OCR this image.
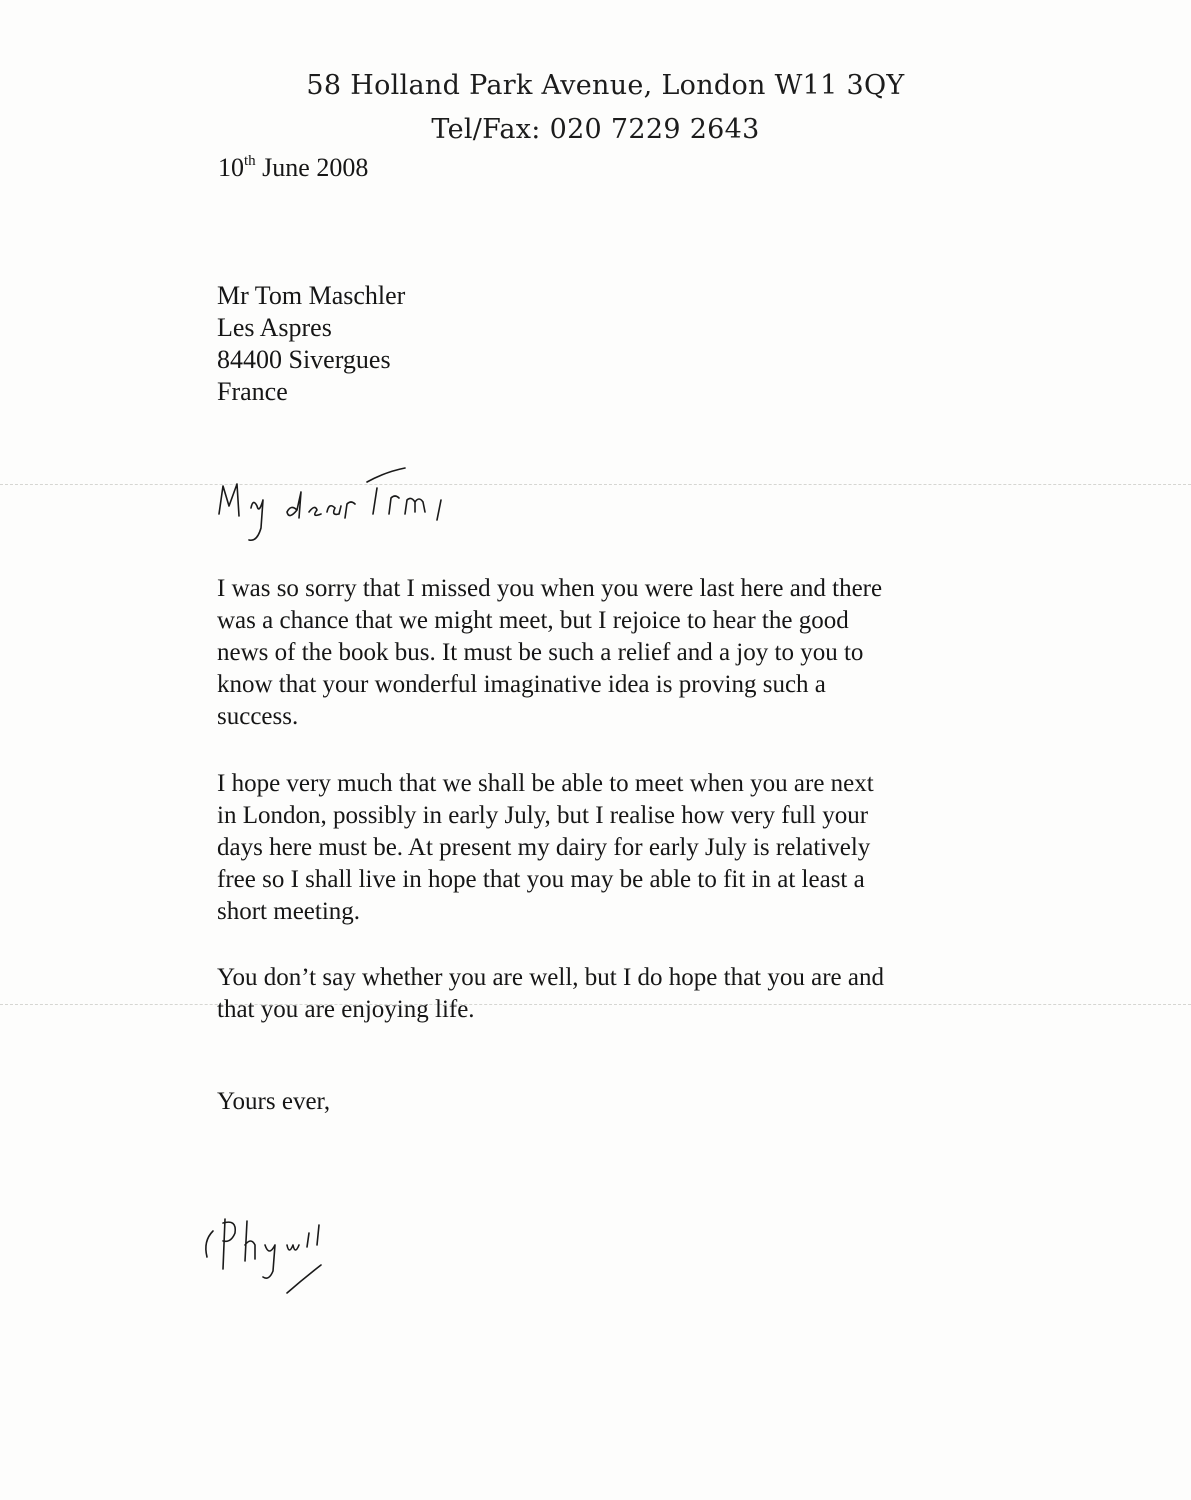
58 Holland Park Avenue, London W11 3QY
Tel/Fax: 020 7229 2643
10th June 2008
Mr Tom Maschler
Les Aspres
84400 Sivergues
France
I was so sorry that I missed you when you were last here and there
was a chance that we might meet, but I rejoice to hear the good
news of the book bus. It must be such a relief and a joy to you to
know that your wonderful imaginative idea is proving such a
success.
I hope very much that we shall be able to meet when you are next
in London, possibly in early July, but I realise how very full your
days here must be. At present my dairy for early July is relatively
free so I shall live in hope that you may be able to fit in at least a
short meeting.
You don’t say whether you are well, but I do hope that you are and
that you are enjoying life.
Yours ever,
